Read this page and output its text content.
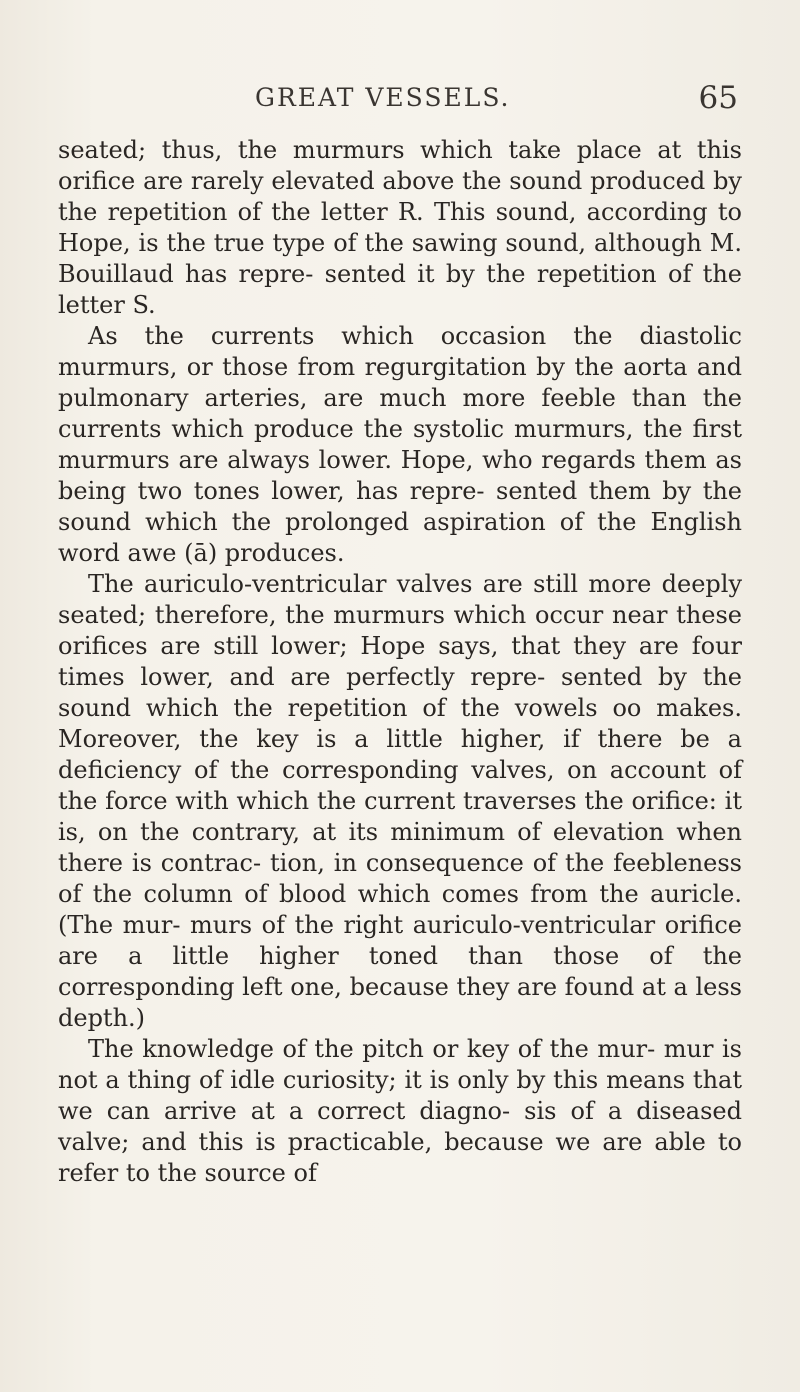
GREAT VESSELS.	65

seated; thus, the murmurs which take place at this orifice are rarely elevated above the sound produced by the repetition of the letter R. This sound, according to Hope, is the true type of the sawing sound, although M. Bouillaud has repre- sented it by the repetition of the letter S.

As the currents which occasion the diastolic murmurs, or those from regurgitation by the aorta and pulmonary arteries, are much more feeble than the currents which produce the systolic murmurs, the first murmurs are always lower. Hope, who regards them as being two tones lower, has repre- sented them by the sound which the prolonged aspiration of the English word awe (ā) produces.

The auriculo-ventricular valves are still more deeply seated; therefore, the murmurs which occur near these orifices are still lower; Hope says, that they are four times lower, and are perfectly repre- sented by the sound which the repetition of the vowels oo makes. Moreover, the key is a little higher, if there be a deficiency of the corresponding valves, on account of the force with which the current traverses the orifice: it is, on the contrary, at its minimum of elevation when there is contrac- tion, in consequence of the feebleness of the column of blood which comes from the auricle. (The mur- murs of the right auriculo-ventricular orifice are a little higher toned than those of the corresponding left one, because they are found at a less depth.)

The knowledge of the pitch or key of the mur- mur is not a thing of idle curiosity; it is only by this means that we can arrive at a correct diagno- sis of a diseased valve; and this is practicable, because we are able to refer to the source of
